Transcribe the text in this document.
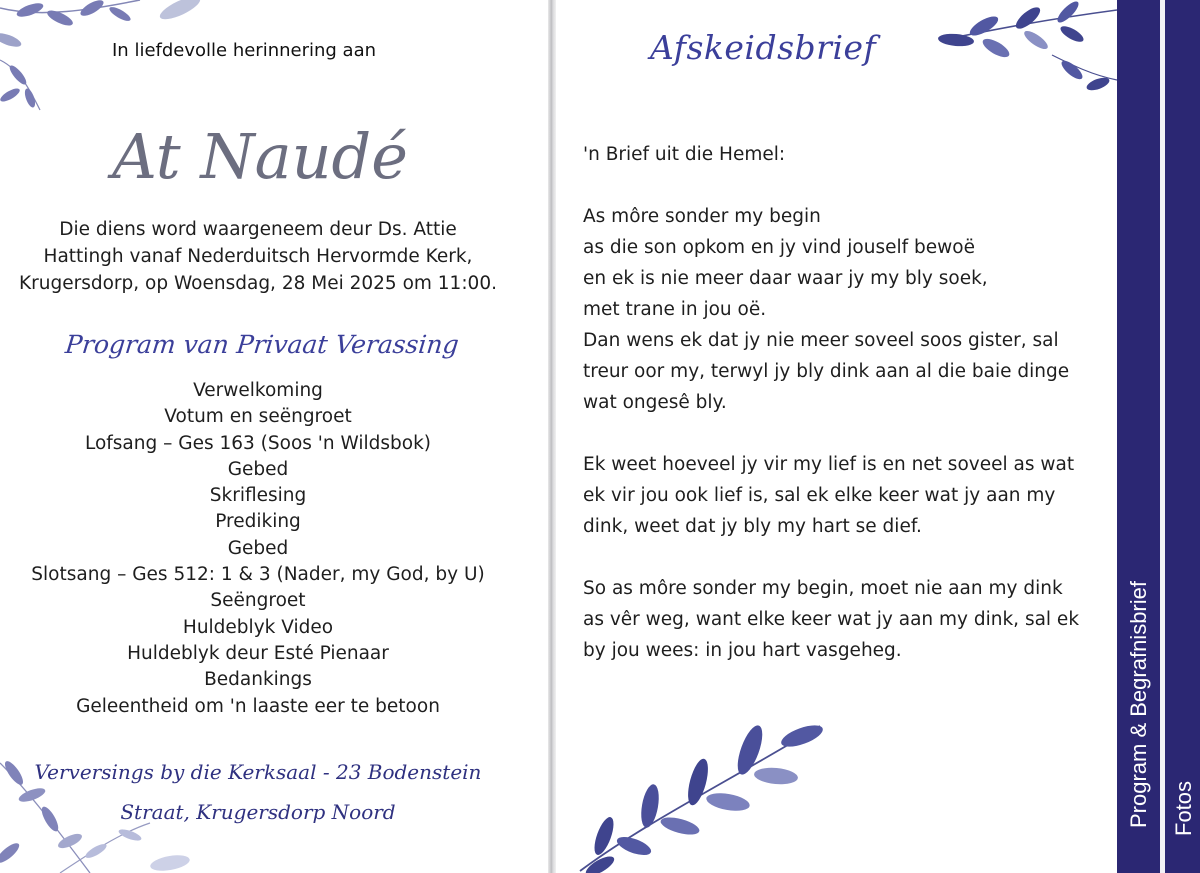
In liefdevolle herinnering aan
At Naudé
Die diens word waargeneem deur Ds. Attie
Hattingh vanaf Nederduitsch Hervormde Kerk,
Krugersdorp, op Woensdag, 28 Mei 2025 om 11:00.
Program van Privaat Verassing
Verwelkoming
Votum en seëngroet
Lofsang – Ges 163 (Soos 'n Wildsbok)
Gebed
Skriflesing
Prediking
Gebed
Slotsang – Ges 512: 1 & 3 (Nader, my God, by U)
Seëngroet
Huldeblyk Video
Huldeblyk deur Esté Pienaar
Bedankings
Geleentheid om 'n laaste eer te betoon
Verversings by die Kerksaal - 23 Bodenstein
Straat, Krugersdorp Noord
Afskeidsbrief

'n Brief uit die Hemel:

As môre sonder my begin

as die son opkom en jy vind jouself bewoë

en ek is nie meer daar waar jy my bly soek,

met trane in jou oë.

Dan wens ek dat jy nie meer soveel soos gister, sal

treur oor my, terwyl jy bly dink aan al die baie dinge

wat ongesê bly.

Ek weet hoeveel jy vir my lief is en net soveel as wat

ek vir jou ook lief is, sal ek elke keer wat jy aan my

dink, weet dat jy bly my hart se dief.

So as môre sonder my begin, moet nie aan my dink

as vêr weg, want elke keer wat jy aan my dink, sal ek

by jou wees: in jou hart vasgeheg.	Program & Begrafnisbrief Fotos
